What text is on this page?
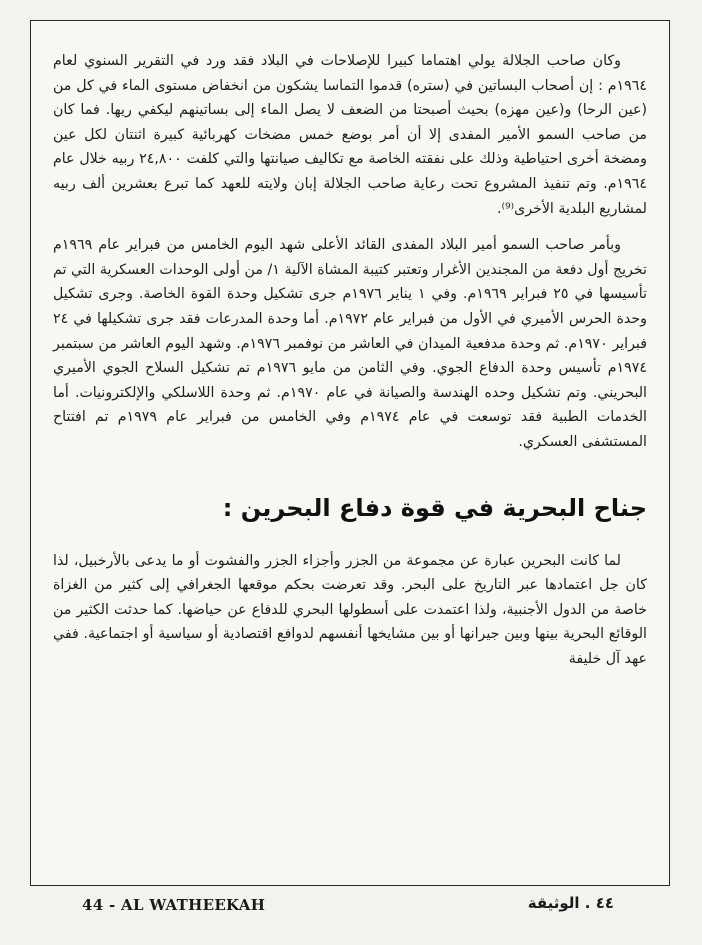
وكان صاحب الجلالة يولي اهتماما كبيرا للإصلاحات في البلاد فقد ورد في التقرير السنوي لعام ١٩٦٤م : إن أصحاب البساتين في (ستره) قدموا التماسا يشكون من انخفاض مستوى الماء في كل من (عين الرحا) و(عين مهزه) بحيث أصبحتا من الضعف لا يصل الماء إلى بساتينهم ليكفي ريها. فما كان من صاحب السمو الأمير المفدى إلا أن أمر بوضع خمس مضخات كهربائية كبيرة اثنتان لكل عين ومضخة أخرى احتياطية وذلك على نفقته الخاصة مع تكاليف صيانتها والتي كلفت ٢٤,٨٠٠ ربيه خلال عام ١٩٦٤م. وتم تنفيذ المشروع تحت رعاية صاحب الجلالة إبان ولايته للعهد كما تبرع بعشرين ألف ربيه لمشاريع البلدية الأخرى⁽⁹⁾.

وبأمر صاحب السمو أمير البلاد المفدى القائد الأعلى شهد اليوم الخامس من فبراير عام ١٩٦٩م تخريج أول دفعة من المجندين الأغرار وتعتبر كتيبة المشاة الآلية ١/ من أولى الوحدات العسكرية التي تم تأسيسها في ٢٥ فبراير ١٩٦٩م. وفي ١ يناير ١٩٧٦م جرى تشكيل وحدة القوة الخاصة. وجرى تشكيل وحدة الحرس الأميري في الأول من فبراير عام ١٩٧٢م. أما وحدة المدرعات فقد جرى تشكيلها في ٢٤ فبراير ١٩٧٠م. ثم وحدة مدفعية الميدان في العاشر من نوفمبر ١٩٧٦م. وشهد اليوم العاشر من سبتمبر ١٩٧٤م تأسيس وحدة الدفاع الجوي. وفي الثامن من مايو ١٩٧٦م تم تشكيل السلاح الجوي الأميري البحريني. وتم تشكيل وحده الهندسة والصيانة في عام ١٩٧٠م. ثم وحدة اللاسلكي والإلكترونيات. أما الخدمات الطبية فقد توسعت في عام ١٩٧٤م وفي الخامس من فبراير عام ١٩٧٩م تم افتتاح المستشفى العسكري.

جناح البحرية في قوة دفاع البحرين :

لما كانت البحرين عبارة عن مجموعة من الجزر وأجزاء الجزر والفشوت أو ما يدعى بالأرخبيل، لذا كان جل اعتمادها عبر التاريخ على البحر. وقد تعرضت بحكم موقعها الجغرافي إلى كثير من الغزاة خاصة من الدول الأجنبية، ولذا اعتمدت على أسطولها البحري للدفاع عن حياضها. كما حدثت الكثير من الوقائع البحرية بينها وبين جيرانها أو بين مشايخها أنفسهم لدوافع اقتصادية أو سياسية أو اجتماعية. ففي عهد آل خليفة

44 - AL WATHEEKAH	٤٤ . الوثيقة
